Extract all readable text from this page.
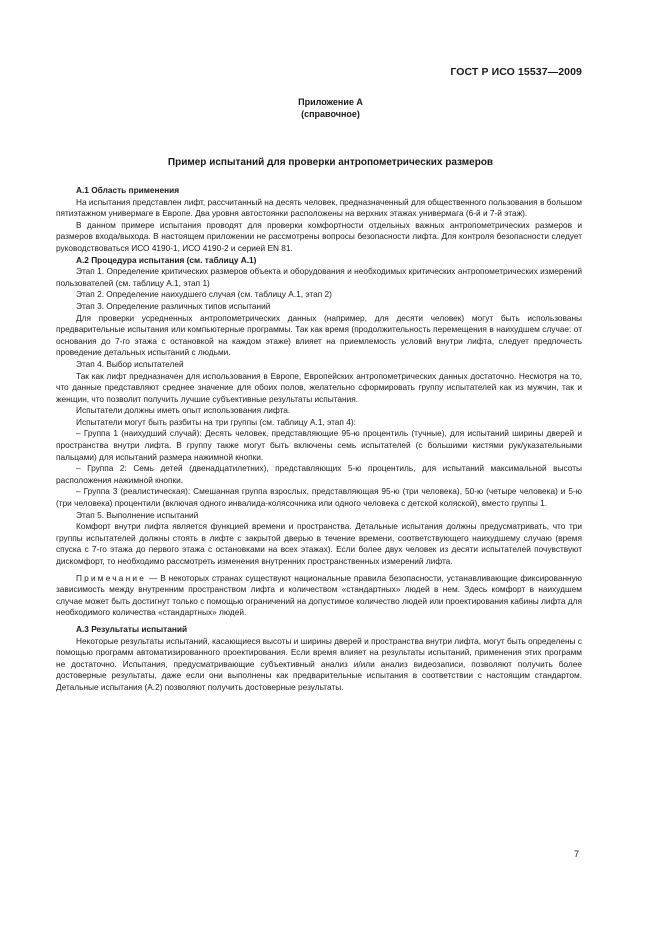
ГОСТ Р ИСО 15537—2009
Приложение А
(справочное)
Пример испытаний для проверки антропометрических размеров

А.1 Область применения

На испытания представлен лифт, рассчитанный на десять человек, предназначенный для общественного пользования в большом пятиэтажном универмаге в Европе. Два уровня автостоянки расположены на верхних этажах универмага (6-й и 7-й этаж).

В данном примере испытания проводят для проверки комфортности отдельных важных антропометрических размеров и размеров входа/выхода. В настоящем приложении не рассмотрены вопросы безопасности лифта. Для контроля безопасности следует руководствоваться ИСО 4190-1, ИСО 4190-2 и серией EN 81.

А.2 Процедура испытания (см. таблицу А.1)

Этап 1. Определение критических размеров объекта и оборудования и необходимых критических антропометрических измерений пользователей (см. таблицу А.1, этап 1)

Этап 2. Определение наихудшего случая (см. таблицу А.1, этап 2)

Этап 3. Определение различных типов испытаний

Для проверки усредненных антропометрических данных (например, для десяти человек) могут быть использованы предварительные испытания или компьютерные программы. Так как время (продолжительность перемещения в наихудшем случае: от основания до 7-го этажа с остановкой на каждом этаже) влияет на приемлемость условий внутри лифта, следует предпочесть проведение детальных испытаний с людьми.

Этап 4. Выбор испытателей

Так как лифт предназначен для использования в Европе, Европейских антропометрических данных достаточно. Несмотря на то, что данные представляют среднее значение для обоих полов, желательно сформировать группу испытателей как из мужчин, так и женщин, что позволит получить лучшие субъективные результаты испытания.

Испытатели должны иметь опыт использования лифта.

Испытатели могут быть разбиты на три группы (см. таблицу А.1, этап 4):

– Группа 1 (наихудший случай): Десять человек, представляющие 95-ю процентиль (тучные), для испытаний ширины дверей и пространства внутри лифта. В группу также могут быть включены семь испытателей (с большими кистями рук/указательными пальцами) для испытаний размера нажимной кнопки.

– Группа 2: Семь детей (двенадцатилетних), представляющих 5-ю процентиль, для испытаний максимальной высоты расположения нажимной кнопки.

– Группа 3 (реалистическая): Смешанная группа взрослых, представляющая 95-ю (три человека), 50-ю (четыре человека) и 5-ю (три человека) процентили (включая одного инвалида-колясочника или одного человека с детской коляской), вместо группы 1.

Этап 5. Выполнение испытаний

Комфорт внутри лифта является функцией времени и пространства. Детальные испытания должны предусматривать, что три группы испытателей должны стоять в лифте с закрытой дверью в течение времени, соответствующего наихудшему случаю (время спуска с 7-го этажа до первого этажа с остановками на всех этажах). Если более двух человек из десяти испытателей почувствуют дискомфорт, то необходимо рассмотреть изменения внутренних пространственных измерений лифта.

Примечание — В некоторых странах существуют национальные правила безопасности, устанавливающие фиксированную зависимость между внутренним пространством лифта и количеством «стандартных» людей в нем. Здесь комфорт в наихудшем случае может быть достигнут только с помощью ограничений на допустимое количество людей или проектирования кабины лифта для необходимого количества «стандартных» людей.

А.3 Результаты испытаний

Некоторые результаты испытаний, касающиеся высоты и ширины дверей и пространства внутри лифта, могут быть определены с помощью программ автоматизированного проектирования. Если время влияет на результаты испытаний, применения этих программ не достаточно. Испытания, предусматривающие субъективный анализ и/или анализ видеозаписи, позволяют получить более достоверные результаты, даже если они выполнены как предварительные испытания в соответствии с настоящим стандартом. Детальные испытания (А.2) позволяют получить достоверные результаты.

7
